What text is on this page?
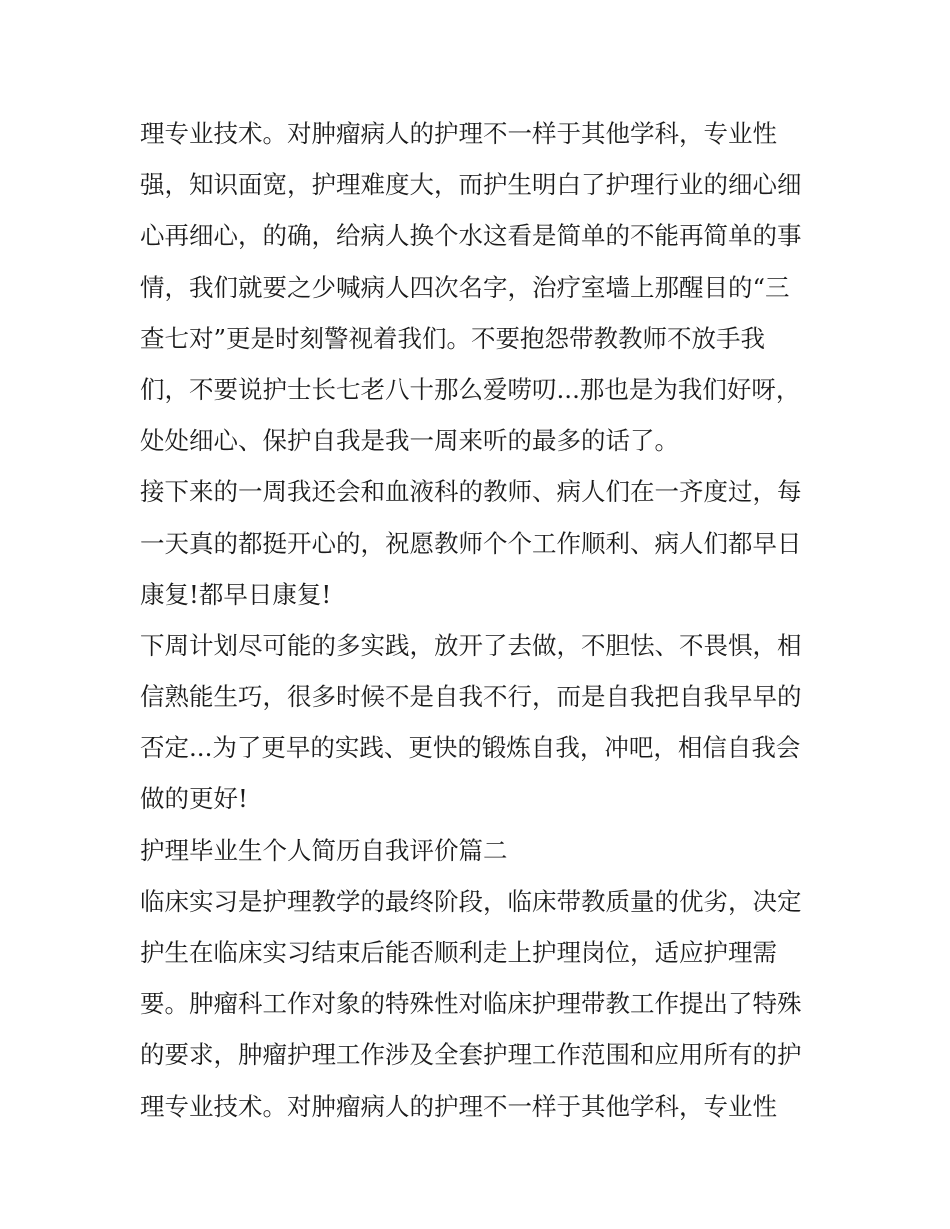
理专业技术。对肿瘤病人的护理不一样于其他学科，专业性
强，知识面宽，护理难度大，而护生明白了护理行业的细心细
心再细心，的确，给病人换个水这看是简单的不能再简单的事
情，我们就要之少喊病人四次名字，治疗室墙上那醒目的“三
查七对”更是时刻警视着我们。不要抱怨带教教师不放手我
们，不要说护士长七老八十那么爱唠叨...那也是为我们好呀，
处处细心、保护自我是我一周来听的最多的话了。
接下来的一周我还会和血液科的教师、病人们在一齐度过，每
一天真的都挺开心的，祝愿教师个个工作顺利、病人们都早日
康复!都早日康复!
下周计划尽可能的多实践，放开了去做，不胆怯、不畏惧，相
信熟能生巧，很多时候不是自我不行，而是自我把自我早早的
否定...为了更早的实践、更快的锻炼自我，冲吧，相信自我会
做的更好!
护理毕业生个人简历自我评价篇二
临床实习是护理教学的最终阶段，临床带教质量的优劣，决定
护生在临床实习结束后能否顺利走上护理岗位，适应护理需
要。肿瘤科工作对象的特殊性对临床护理带教工作提出了特殊
的要求，肿瘤护理工作涉及全套护理工作范围和应用所有的护
理专业技术。对肿瘤病人的护理不一样于其他学科，专业性
